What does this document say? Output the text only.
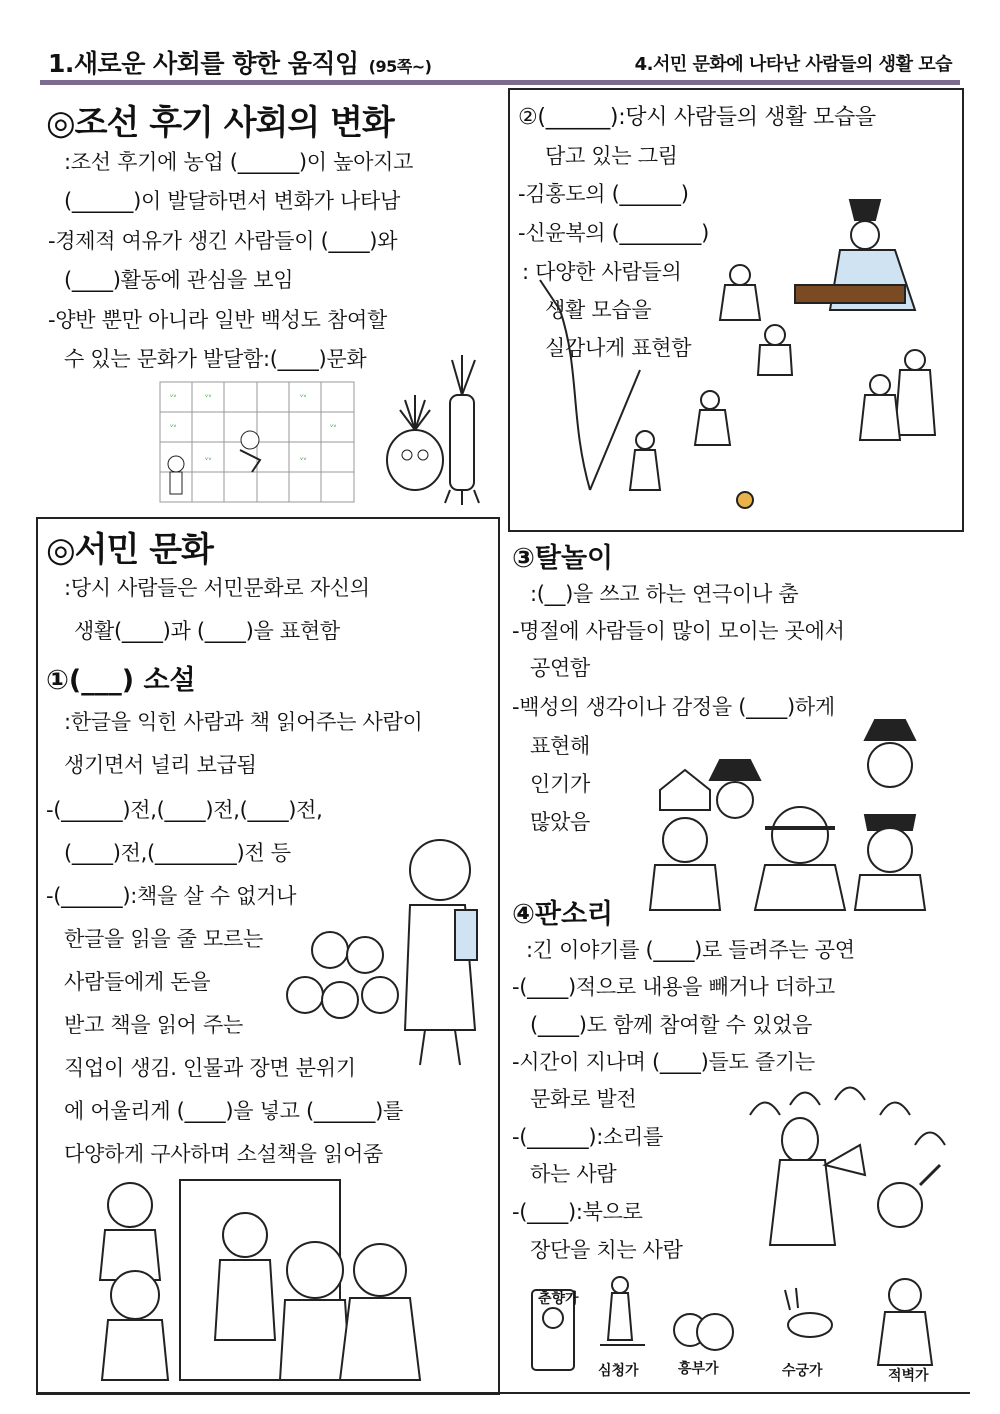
1.새로운 사회를 향한 움직임 (95쪽~)	4.서민 문화에 나타난 사람들의 생활 모습
◎조선 후기 사회의 변화
:조선 후기에 농업 (______)이 높아지고
(______)이 발달하면서 변화가 나타남
-경제적 여유가 생긴 사람들이 (____)와
(____)활동에 관심을 보임
-양반 뿐만 아니라 일반 백성도 참여할
수 있는 문화가 발달함:(____)문화
ᵥᵥ	ᵥᵥ	ᵥᵥ
ᵥᵥ	ᵥᵥ
ᵥᵥ
ᵥᵥ
②(______):당시 사람들의 생활 모습을
담고 있는 그림
-김홍도의 (______)
-신윤복의 (________)
: 다양한 사람들의
생활 모습을
실감나게 표현함
◎서민 문화
:당시 사람들은 서민문화로 자신의
생활(____)과 (____)을 표현함
①(___) 소설
:한글을 익힌 사람과 책 읽어주는 사람이
생기면서 널리 보급됨
-(______)전,(____)전,(____)전,
(____)전,(________)전 등
-(______):책을 살 수 없거나
한글을 읽을 줄 모르는
사람들에게 돈을
받고 책을 읽어 주는
직업이 생김. 인물과 장면 분위기
에 어울리게 (____)을 넣고 (______)를
다양하게 구사하며 소설책을 읽어줌
③탈놀이
:(__)을 쓰고 하는 연극이나 춤
-명절에 사람들이 많이 모이는 곳에서
공연함
-백성의 생각이나 감정을 (____)하게
표현해
인기가
많았음
④판소리
:긴 이야기를 (____)로 들려주는 공연
-(____)적으로 내용을 빼거나 더하고
(____)도 함께 참여할 수 있었음
-시간이 지나며 (____)들도 즐기는
문화로 발전
-(______):소리를
하는 사람
-(____):북으로
장단을 치는 사람
춘향가
심청가	흥부가	수궁가	적벽가
